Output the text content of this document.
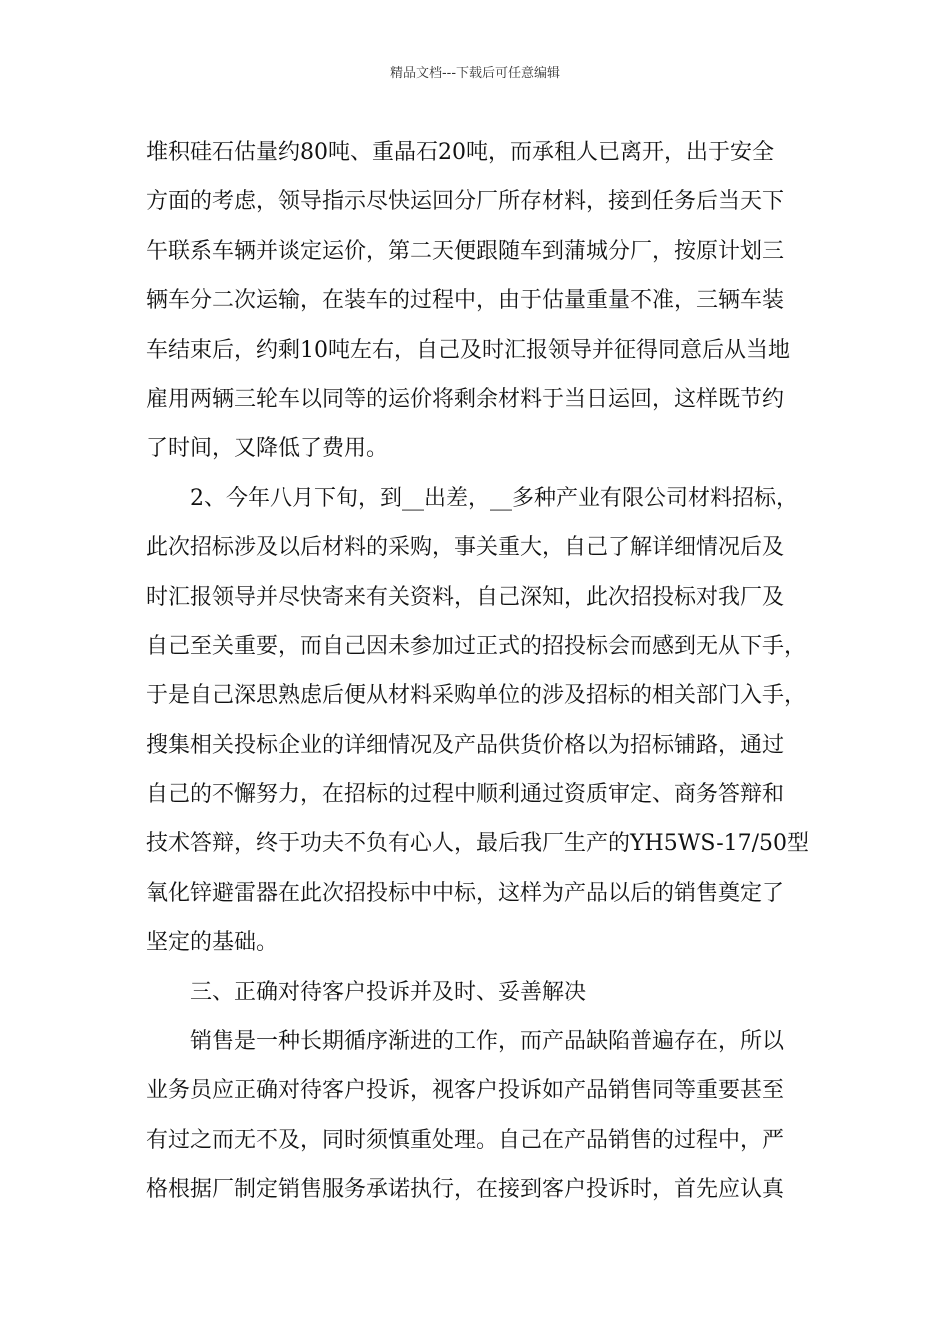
精品文档---下载后可任意编辑
堆积硅石估量约80吨、重晶石20吨，而承租人已离开，出于安全
方面的考虑，领导指示尽快运回分厂所存材料，接到任务后当天下
午联系车辆并谈定运价，第二天便跟随车到蒲城分厂，按原计划三
辆车分二次运输，在装车的过程中，由于估量重量不准，三辆车装
车结束后，约剩10吨左右，自己及时汇报领导并征得同意后从当地
雇用两辆三轮车以同等的运价将剩余材料于当日运回，这样既节约
了时间，又降低了费用。
2、今年八月下旬，到__出差，__多种产业有限公司材料招标，
此次招标涉及以后材料的采购，事关重大，自己了解详细情况后及
时汇报领导并尽快寄来有关资料，自己深知，此次招投标对我厂及
自己至关重要，而自己因未参加过正式的招投标会而感到无从下手，
于是自己深思熟虑后便从材料采购单位的涉及招标的相关部门入手，
搜集相关投标企业的详细情况及产品供货价格以为招标铺路，通过
自己的不懈努力，在招标的过程中顺利通过资质审定、商务答辩和
技术答辩，终于功夫不负有心人，最后我厂生产的YH5WS-17/50型
氧化锌避雷器在此次招投标中中标，这样为产品以后的销售奠定了
坚定的基础。
三、正确对待客户投诉并及时、妥善解决
销售是一种长期循序渐进的工作，而产品缺陷普遍存在，所以
业务员应正确对待客户投诉，视客户投诉如产品销售同等重要甚至
有过之而无不及，同时须慎重处理。自己在产品销售的过程中，严
格根据厂制定销售服务承诺执行，在接到客户投诉时，首先应认真
